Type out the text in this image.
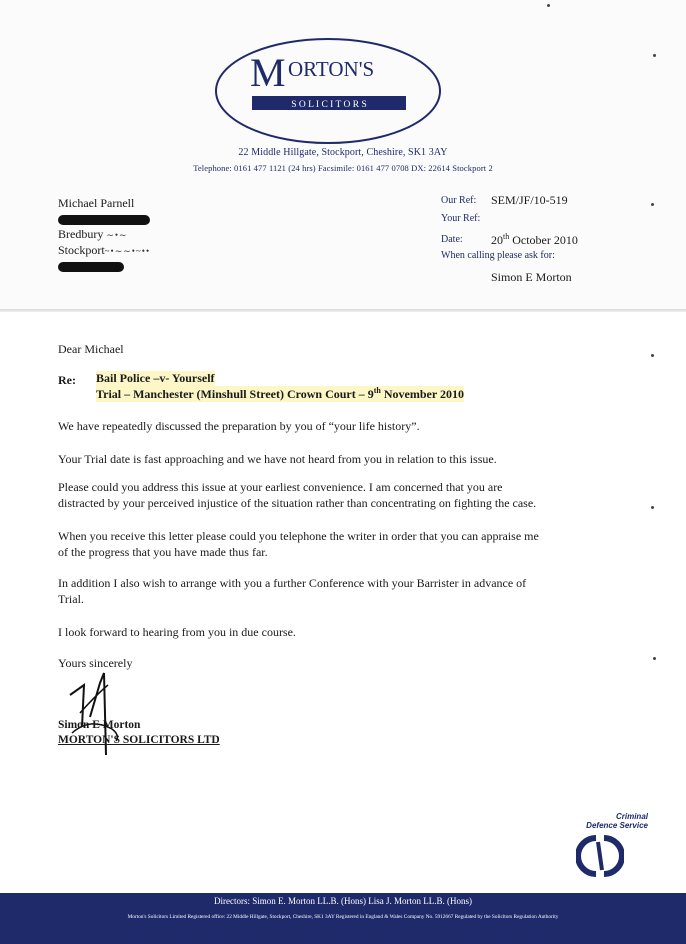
M ORTON'S
S O L I C I T O R S
22 Middle Hillgate, Stockport, Cheshire, SK1 3AY
Telephone: 0161 477 1121 (24 hrs) Facsimile: 0161 477 0708 DX: 22614 Stockport 2
Michael Parnell
Bredbury ∼•∼
Stockport~•∼∼•~••
Our Ref: SEM/JF/10-519
Your Ref:
Date: 20th October 2010
When calling please ask for:
Simon E Morton
Dear Michael
Re: Bail Police –v- Yourself
Trial – Manchester (Minshull Street) Crown Court – 9th November 2010
We have repeatedly discussed the preparation by you of “your life history”.
Your Trial date is fast approaching and we have not heard from you in relation to this issue.
Please could you address this issue at your earliest convenience. I am concerned that you are
distracted by your perceived injustice of the situation rather than concentrating on fighting the case.
When you receive this letter please could you telephone the writer in order that you can appraise me
of the progress that you have made thus far.
In addition I also wish to arrange with you a further Conference with your Barrister in advance of
Trial.
I look forward to hearing from you in due course.
Yours sincerely
Simon E Morton
MORTON'S SOLICITORS LTD
Criminal
Defence Service
Directors: Simon E. Morton LL.B. (Hons) Lisa J. Morton LL.B. (Hons)
Morton's Solicitors Limited Registered office: 22 Middle Hillgate, Stockport, Cheshire, SK1 3AY Registered in England & Wales Company No. 5912667 Regulated by the Solicitors Regulation Authority
